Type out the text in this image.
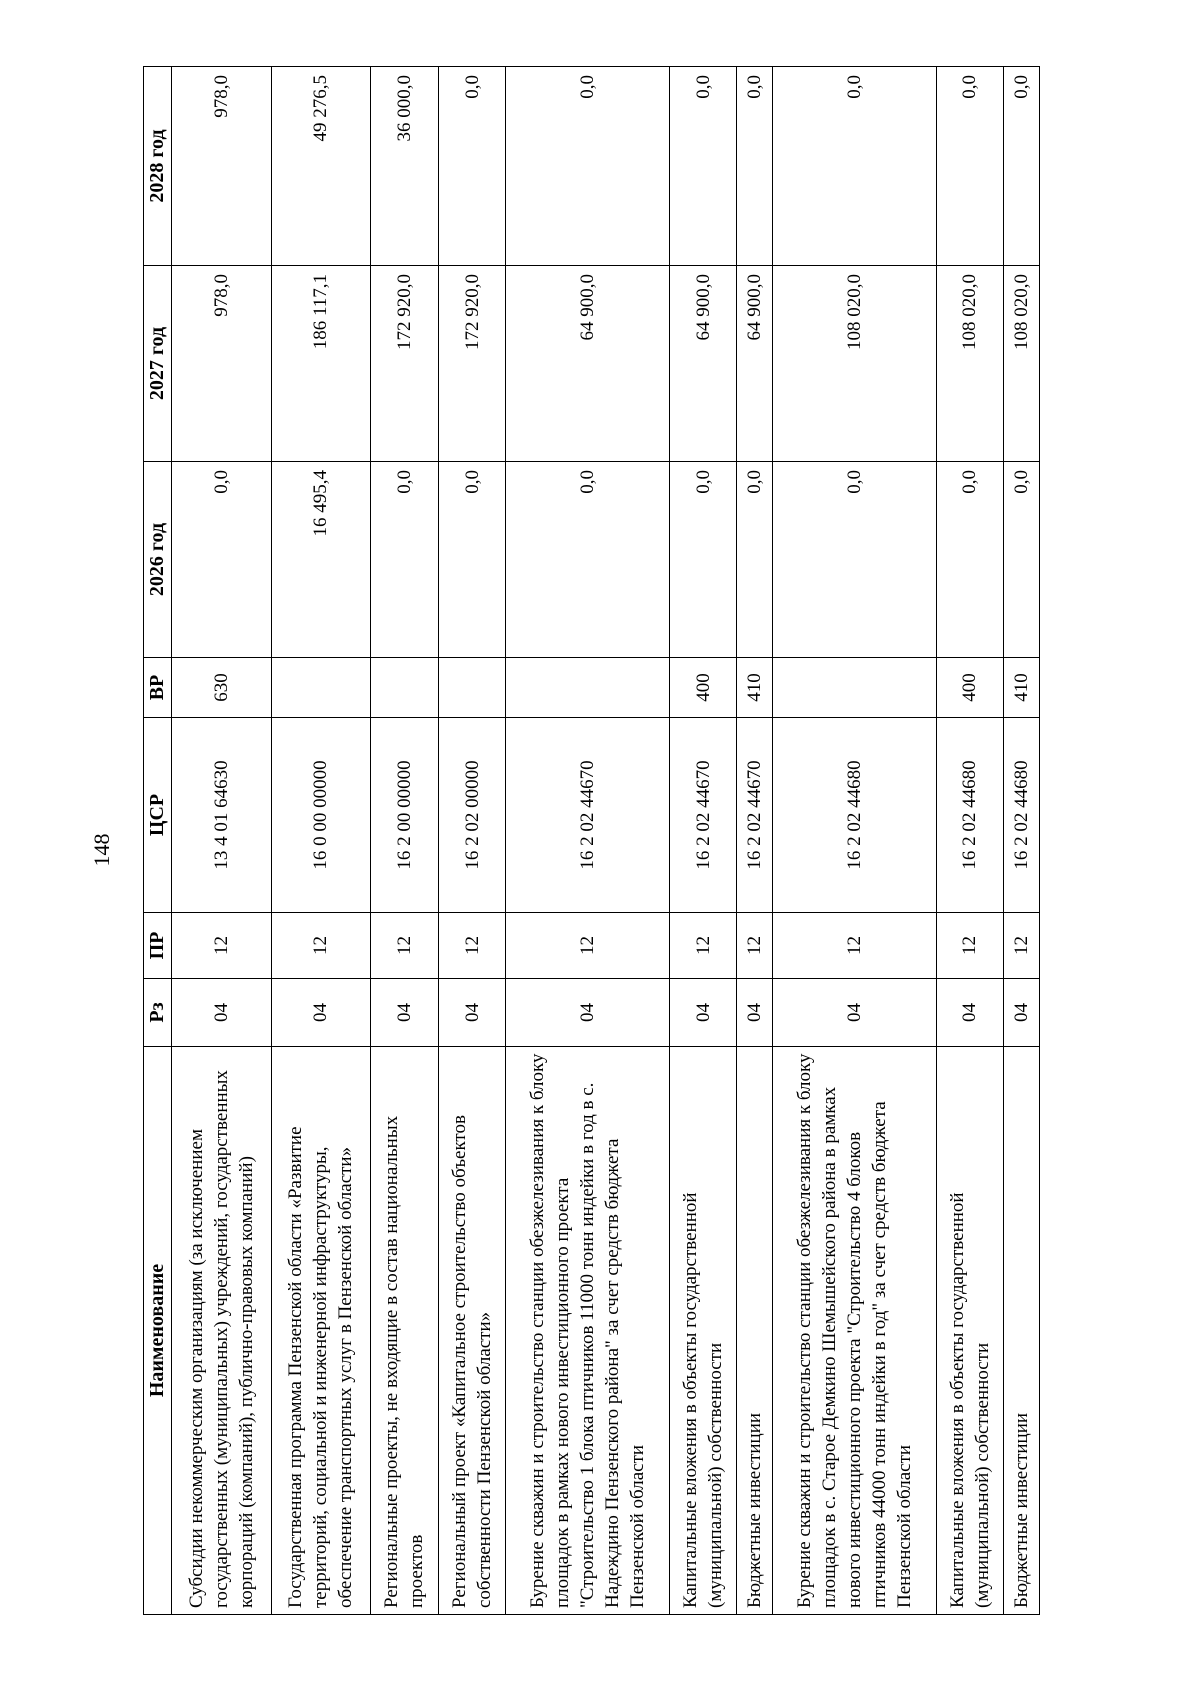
148
Наименование	Рз	ПР	ЦСР	ВР	2026 год	2027 год	2028 год
Субсидии некоммерческим организациям (за исключением государственных (муниципальных) учреждений, государственных корпораций (компаний), публично-правовых компаний)	04	12	13 4 01 64630	630	0,0	978,0	978,0
Государственная программа Пензенской области «Развитие территорий, социальной и инженерной инфраструктуры, обеспечение транспортных услуг в Пензенской области»	04	12	16 0 00 00000		16 495,4	186 117,1	49 276,5
Региональные проекты, не входящие в состав национальных проектов	04	12	16 2 00 00000		0,0	172 920,0	36 000,0
Региональный проект «Капитальное строительство объектов собственности Пензенской области»	04	12	16 2 02 00000		0,0	172 920,0	0,0
Бурение скважин и строительство станции обезжелезивания к блоку площадок в рамках нового инвестиционного проекта "Строительство 1 блока птичников 11000 тонн индейки в год в с. Надеждино Пензенского района" за счет средств бюджета Пензенской области	04	12	16 2 02 44670		0,0	64 900,0	0,0
Капитальные вложения в объекты государственной (муниципальной) собственности	04	12	16 2 02 44670	400	0,0	64 900,0	0,0
Бюджетные инвестиции	04	12	16 2 02 44670	410	0,0	64 900,0	0,0
Бурение скважин и строительство станции обезжелезивания к блоку площадок в с. Старое Демкино Шемышейского района в рамках нового инвестиционного проекта "Строительство 4 блоков птичников 44000 тонн индейки в год" за счет средств бюджета Пензенской области	04	12	16 2 02 44680		0,0	108 020,0	0,0
Капитальные вложения в объекты государственной (муниципальной) собственности	04	12	16 2 02 44680	400	0,0	108 020,0	0,0
Бюджетные инвестиции	04	12	16 2 02 44680	410	0,0	108 020,0	0,0
